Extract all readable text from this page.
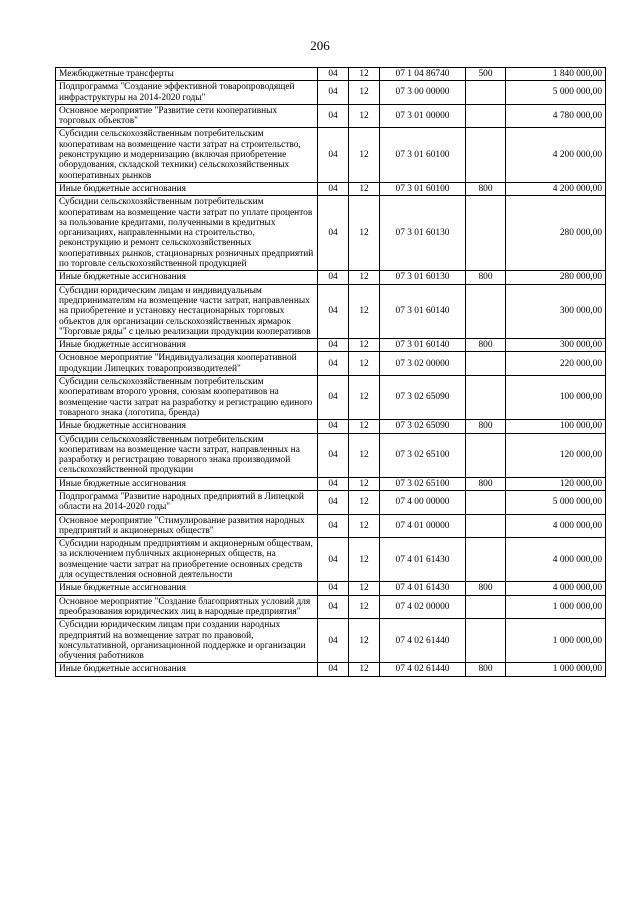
206
Межбюджетные трансферты	04	12	07 1 04 86740	500	1 840 000,00
Подпрограмма "Создание эффективной товаропроводящей инфраструктуры на 2014-2020 годы"	04	12	07 3 00 00000		5 000 000,00
Основное мероприятие "Развитие сети кооперативных торговых объектов"	04	12	07 3 01 00000		4 780 000,00
Субсидии сельскохозяйственным потребительским кооперативам на возмещение части затрат на строительство, реконструкцию и модернизацию (включая приобретение оборудования, складской техники) сельскохозяйственных кооперативных рынков	04	12	07 3 01 60100		4 200 000,00
Иные бюджетные ассигнования	04	12	07 3 01 60100	800	4 200 000,00
Субсидии сельскохозяйственным потребительским кооперативам на возмещение части затрат по уплате процентов за пользование кредитами, полученными в кредитных организациях, направленными на строительство, реконструкцию и ремонт сельскохозяйственных кооперативных рынков, стационарных розничных предприятий по торговле сельскохозяйственной продукцией	04	12	07 3 01 60130		280 000,00
Иные бюджетные ассигнования	04	12	07 3 01 60130	800	280 000,00
Субсидии юридическим лицам и индивидуальным предпринимателям на возмещение части затрат, направленных на приобретение и установку нестационарных торговых объектов для организации сельскохозяйственных ярмарок "Торговые ряды" с целью реализации продукции кооперативов	04	12	07 3 01 60140		300 000,00
Иные бюджетные ассигнования	04	12	07 3 01 60140	800	300 000,00
Основное мероприятие "Индивидуализация кооперативной продукции Липецких товаропроизводителей"	04	12	07 3 02 00000		220 000,00
Субсидии сельскохозяйственным потребительским кооперативам второго уровня, союзам кооперативов на возмещение части затрат на разработку и регистрацию единого товарного знака (логотипа, бренда)	04	12	07 3 02 65090		100 000,00
Иные бюджетные ассигнования	04	12	07 3 02 65090	800	100 000,00
Субсидии сельскохозяйственным потребительским кооперативам на возмещение части затрат, направленных на разработку и регистрацию товарного знака производимой сельскохозяйственной продукции	04	12	07 3 02 65100		120 000,00
Иные бюджетные ассигнования	04	12	07 3 02 65100	800	120 000,00
Подпрограмма "Развитие народных предприятий в Липецкой области на 2014-2020 годы"	04	12	07 4 00 00000		5 000 000,00
Основное мероприятие "Стимулирование развития народных предприятий и акционерных обществ"	04	12	07 4 01 00000		4 000 000,00
Субсидии народным предприятиям и акционерным обществам, за исключением публичных акционерных обществ, на возмещение части затрат на приобретение основных средств для осуществления основной деятельности	04	12	07 4 01 61430		4 000 000,00
Иные бюджетные ассигнования	04	12	07 4 01 61430	800	4 000 000,00
Основное мероприятие "Создание благоприятных условий для преобразования юридических лиц в народные предприятия"	04	12	07 4 02 00000		1 000 000,00
Субсидии юридическим лицам при создании народных предприятий на возмещение затрат по правовой, консультативной, организационной поддержке и организации обучения работников	04	12	07 4 02 61440		1 000 000,00
Иные бюджетные ассигнования	04	12	07 4 02 61440	800	1 000 000,00
